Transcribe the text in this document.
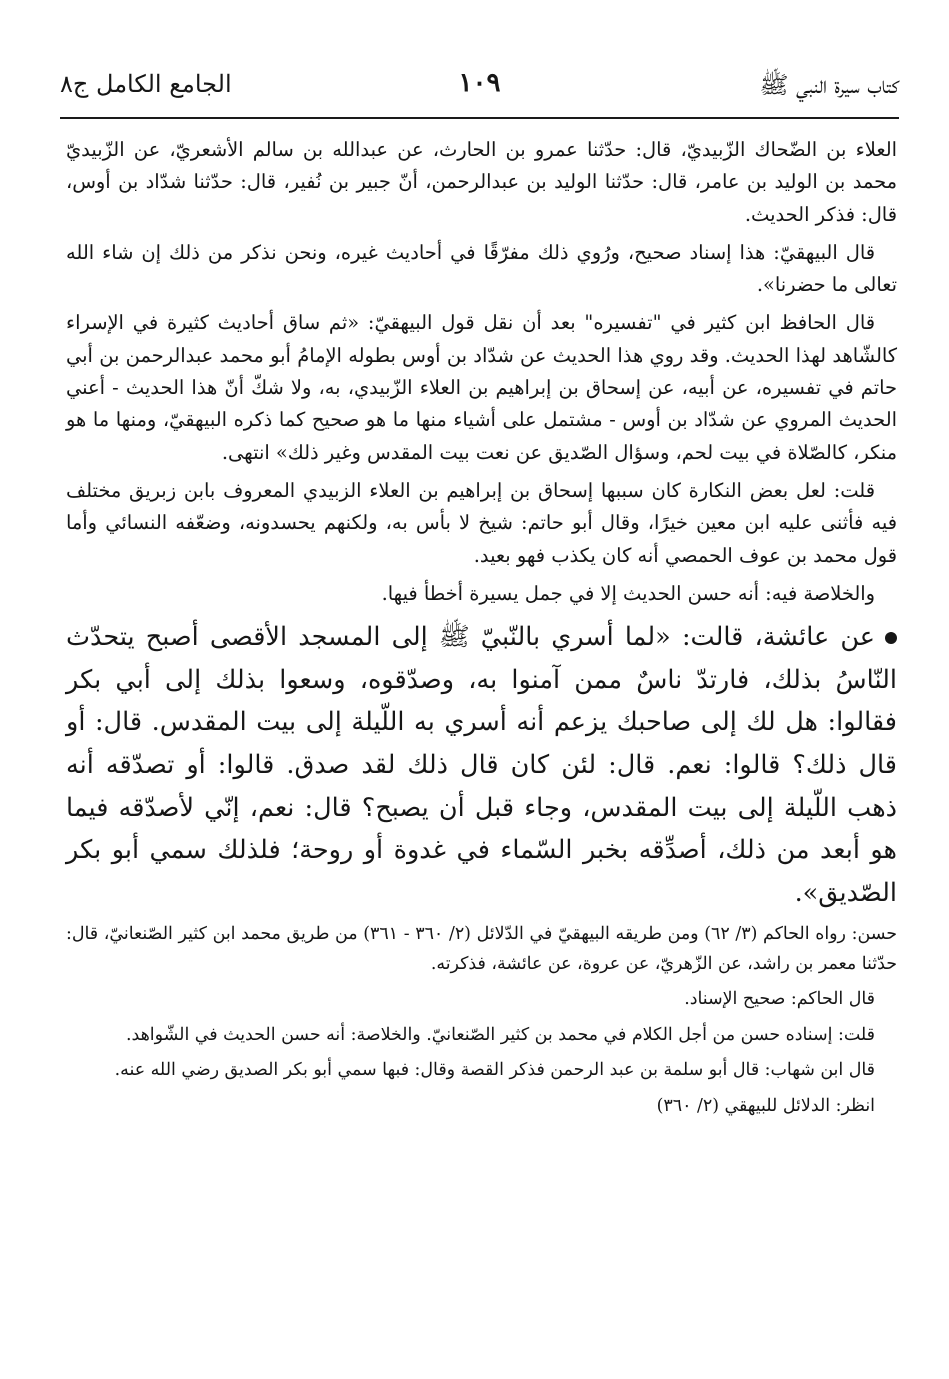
كتاب سيرة النبي ﷺ
١٠٩
الجامع الكامل ج٨

العلاء بن الضّحاك الزّبيديّ، قال: حدّثنا عمرو بن الحارث، عن عبدالله بن سالم الأشعريّ، عن الزّبيديّ محمد بن الوليد بن عامر، قال: حدّثنا الوليد بن عبدالرحمن، أنّ جبير بن نُفير، قال: حدّثنا شدّاد بن أوس، قال: فذكر الحديث.

قال البيهقيّ: هذا إسناد صحيح، ورُوي ذلك مفرّقًا في أحاديث غيره، ونحن نذكر من ذلك إن شاء الله تعالى ما حضرنا».

قال الحافظ ابن كثير في "تفسيره" بعد أن نقل قول البيهقيّ: «ثم ساق أحاديث كثيرة في الإسراء كالشّاهد لهذا الحديث. وقد روي هذا الحديث عن شدّاد بن أوس بطوله الإمامُ أبو محمد عبدالرحمن بن أبي حاتم في تفسيره، عن أبيه، عن إسحاق بن إبراهيم بن العلاء الزّبيدي، به، ولا شكّ أنّ هذا الحديث - أعني الحديث المروي عن شدّاد بن أوس - مشتمل على أشياء منها ما هو صحيح كما ذكره البيهقيّ، ومنها ما هو منكر، كالصّلاة في بيت لحم، وسؤال الصّديق عن نعت بيت المقدس وغير ذلك» انتهى.

قلت: لعل بعض النكارة كان سببها إسحاق بن إبراهيم بن العلاء الزبيدي المعروف بابن زبريق مختلف فيه فأثنى عليه ابن معين خيرًا، وقال أبو حاتم: شيخ لا بأس به، ولكنهم يحسدونه، وضعّفه النسائي وأما قول محمد بن عوف الحمصي أنه كان يكذب فهو بعيد.

والخلاصة فيه: أنه حسن الحديث إلا في جمل يسيرة أخطأ فيها.

عن عائشة، قالت: «لما أسري بالنّبيّ ﷺ إلى المسجد الأقصى أصبح يتحدّث النّاسُ بذلك، فارتدّ ناسٌ ممن آمنوا به، وصدّقوه، وسعوا بذلك إلى أبي بكر فقالوا: هل لك إلى صاحبك يزعم أنه أسري به اللّيلة إلى بيت المقدس. قال: أو قال ذلك؟ قالوا: نعم. قال: لئن كان قال ذلك لقد صدق. قالوا: أو تصدّقه أنه ذهب اللّيلة إلى بيت المقدس، وجاء قبل أن يصبح؟ قال: نعم، إنّي لأصدّقه فيما هو أبعد من ذلك، أصدِّقه بخبر السّماء في غدوة أو روحة؛ فلذلك سمي أبو بكر الصّديق».

حسن: رواه الحاكم (٣/ ٦٢) ومن طريقه البيهقيّ في الدّلائل (٢/ ٣٦٠ - ٣٦١) من طريق محمد ابن كثير الصّنعانيّ، قال: حدّثنا معمر بن راشد، عن الزّهريّ، عن عروة، عن عائشة، فذكرته.

قال الحاكم: صحيح الإسناد.

قلت: إسناده حسن من أجل الكلام في محمد بن كثير الصّنعانيّ. والخلاصة: أنه حسن الحديث في الشّواهد.

قال ابن شهاب: قال أبو سلمة بن عبد الرحمن فذكر القصة وقال: فبها سمي أبو بكر الصديق رضي الله عنه.

انظر: الدلائل للبيهقي (٢/ ٣٦٠)
